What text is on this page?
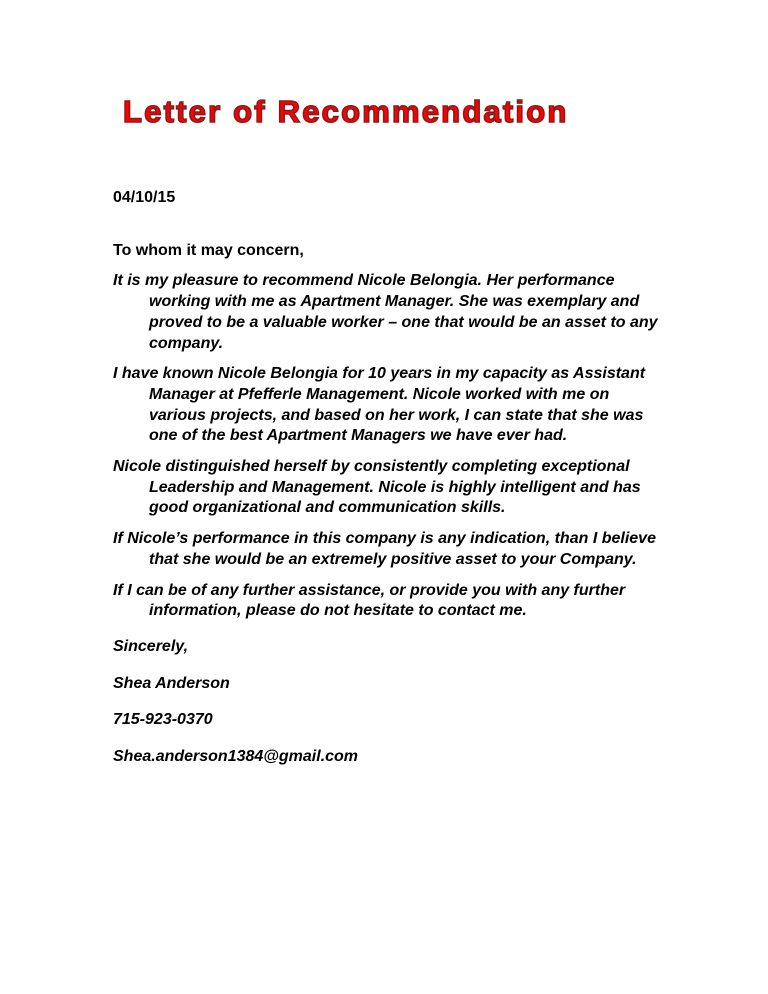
Letter of Recommendation

04/10/15

To whom it may concern,

It is my pleasure to recommend Nicole Belongia. Her performance working with me as Apartment Manager. She was exemplary and proved to be a valuable worker – one that would be an asset to any company.

I have known Nicole Belongia for 10 years in my capacity as Assistant Manager at Pfefferle Management. Nicole worked with me on various projects, and based on her work, I can state that she was one of the best Apartment Managers we have ever had.

Nicole distinguished herself by consistently completing exceptional Leadership and Management. Nicole is highly intelligent and has good organizational and communication skills.

If Nicole’s performance in this company is any indication, than I believe that she would be an extremely positive asset to your Company.

If I can be of any further assistance, or provide you with any further information, please do not hesitate to contact me.

Sincerely,

Shea Anderson

715-923-0370

Shea.anderson1384@gmail.com
